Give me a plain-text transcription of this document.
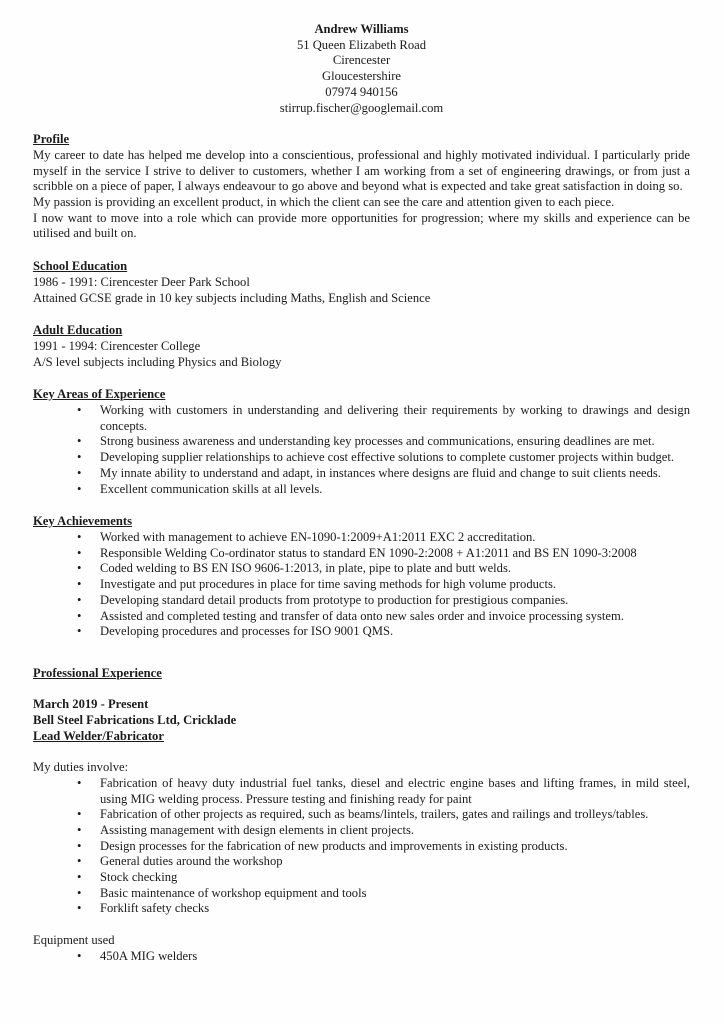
Andrew Williams
51 Queen Elizabeth Road
Cirencester
Gloucestershire
07974 940156
stirrup.fischer@googlemail.com
Profile
My career to date has helped me develop into a conscientious, professional and highly motivated individual. I particularly pride myself in the service I strive to deliver to customers, whether I am working from a set of engineering drawings, or from just a scribble on a piece of paper, I always endeavour to go above and beyond what is expected and take great satisfaction in doing so.
My passion is providing an excellent product, in which the client can see the care and attention given to each piece.
I now want to move into a role which can provide more opportunities for progression; where my skills and experience can be utilised and built on.
School Education
1986 - 1991: Cirencester Deer Park School
Attained GCSE grade in 10 key subjects including Maths, English and Science
Adult Education
1991 - 1994: Cirencester College
A/S level subjects including Physics and Biology
Key Areas of Experience
• Working with customers in understanding and delivering their requirements by working to drawings and design concepts.
• Strong business awareness and understanding key processes and communications, ensuring deadlines are met.
• Developing supplier relationships to achieve cost effective solutions to complete customer projects within budget.
• My innate ability to understand and adapt, in instances where designs are fluid and change to suit clients needs.
• Excellent communication skills at all levels.
Key Achievements
• Worked with management to achieve EN-1090-1:2009+A1:2011 EXC 2 accreditation.
• Responsible Welding Co-ordinator status to standard EN 1090-2:2008 + A1:2011 and BS EN 1090-3:2008
• Coded welding to BS EN ISO 9606-1:2013, in plate, pipe to plate and butt welds.
• Investigate and put procedures in place for time saving methods for high volume products.
• Developing standard detail products from prototype to production for prestigious companies.
• Assisted and completed testing and transfer of data onto new sales order and invoice processing system.
• Developing procedures and processes for ISO 9001 QMS.
Professional Experience
March 2019 - Present
Bell Steel Fabrications Ltd, Cricklade
Lead Welder/Fabricator
My duties involve:
• Fabrication of heavy duty industrial fuel tanks, diesel and electric engine bases and lifting frames, in mild steel, using MIG welding process. Pressure testing and finishing ready for paint
• Fabrication of other projects as required, such as beams/lintels, trailers, gates and railings and trolleys/tables.
• Assisting management with design elements in client projects.
• Design processes for the fabrication of new products and improvements in existing products.
• General duties around the workshop
• Stock checking
• Basic maintenance of workshop equipment and tools
• Forklift safety checks
Equipment used
• 450A MIG welders
